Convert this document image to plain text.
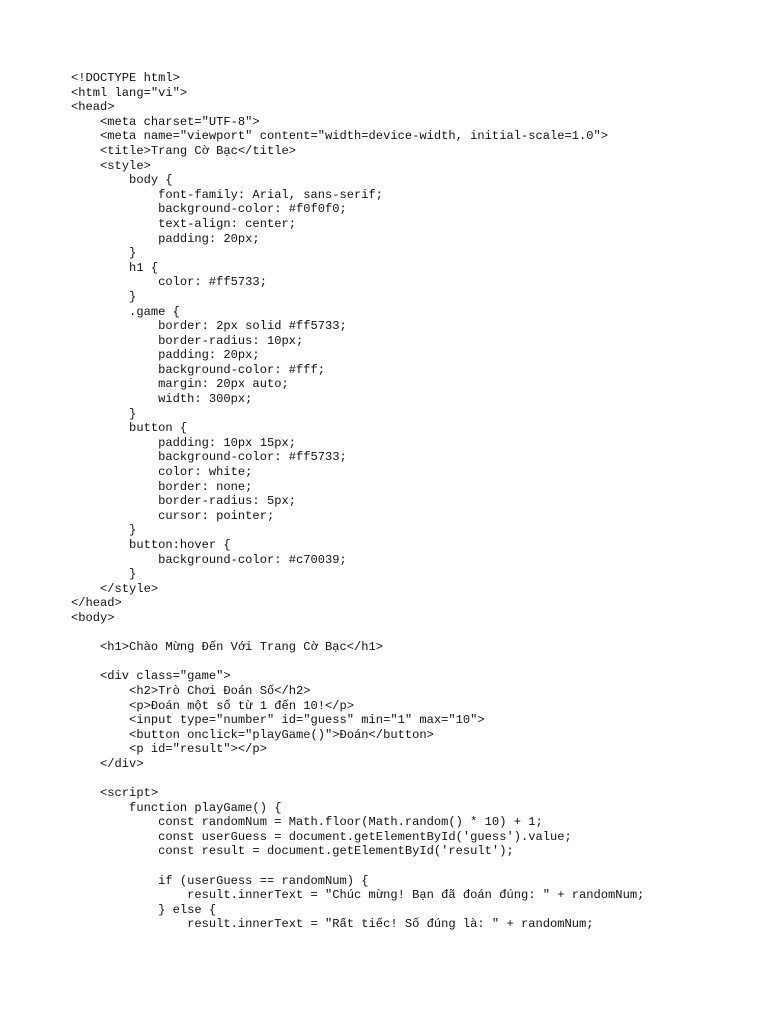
<!DOCTYPE html>
<html lang="vi">
<head>
<meta charset="UTF-8">
<meta name="viewport" content="width=device-width, initial-scale=1.0">
<title>Trang Cờ Bạc</title>
<style>
body {
font-family: Arial, sans-serif;
background-color: #f0f0f0;
text-align: center;
padding: 20px;
}
h1 {
color: #ff5733;
}
.game {
border: 2px solid #ff5733;
border-radius: 10px;
padding: 20px;
background-color: #fff;
margin: 20px auto;
width: 300px;
}
button {
padding: 10px 15px;
background-color: #ff5733;
color: white;
border: none;
border-radius: 5px;
cursor: pointer;
}
button:hover {
background-color: #c70039;
}
</style>
</head>
<body>
<h1>Chào Mừng Đến Với Trang Cờ Bạc</h1>
<div class="game">
<h2>Trò Chơi Đoán Số</h2>
<p>Đoán một số từ 1 đến 10!</p>
<input type="number" id="guess" min="1" max="10">
<button onclick="playGame()">Đoán</button>
<p id="result"></p>
</div>
<script>
function playGame() {
const randomNum = Math.floor(Math.random() * 10) + 1;
const userGuess = document.getElementById('guess').value;
const result = document.getElementById('result');
if (userGuess == randomNum) {
result.innerText = "Chúc mừng! Bạn đã đoán đúng: " + randomNum;
} else {
result.innerText = "Rất tiếc! Số đúng là: " + randomNum;
